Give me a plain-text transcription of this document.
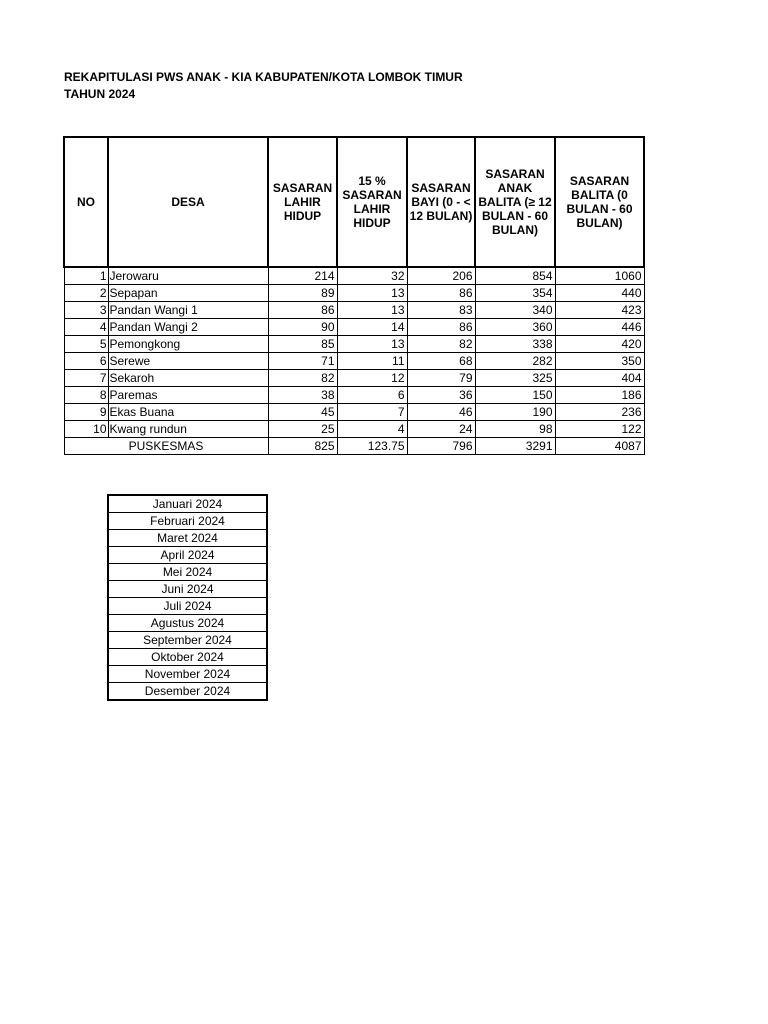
REKAPITULASI PWS ANAK - KIA KABUPATEN/KOTA LOMBOK TIMUR
TAHUN 2024
NO	DESA	SASARAN LAHIR HIDUP	15 % SASARAN LAHIR HIDUP	SASARAN BAYI (0 - < 12 BULAN)	SASARAN ANAK BALITA (≥ 12 BULAN - 60 BULAN)	SASARAN BALITA (0 BULAN - 60 BULAN)
1	Jerowaru	214	32	206	854	1060
2	Sepapan	89	13	86	354	440
3	Pandan Wangi 1	86	13	83	340	423
4	Pandan Wangi 2	90	14	86	360	446
5	Pemongkong	85	13	82	338	420
6	Serewe	71	11	68	282	350
7	Sekaroh	82	12	79	325	404
8	Paremas	38	6	36	150	186
9	Ekas Buana	45	7	46	190	236
10	Kwang rundun	25	4	24	98	122
PUSKESMAS		825	123.75	796	3291	4087
Januari 2024
Februari 2024
Maret 2024
April 2024
Mei 2024
Juni 2024
Juli 2024
Agustus 2024
September 2024
Oktober 2024
November 2024
Desember 2024
